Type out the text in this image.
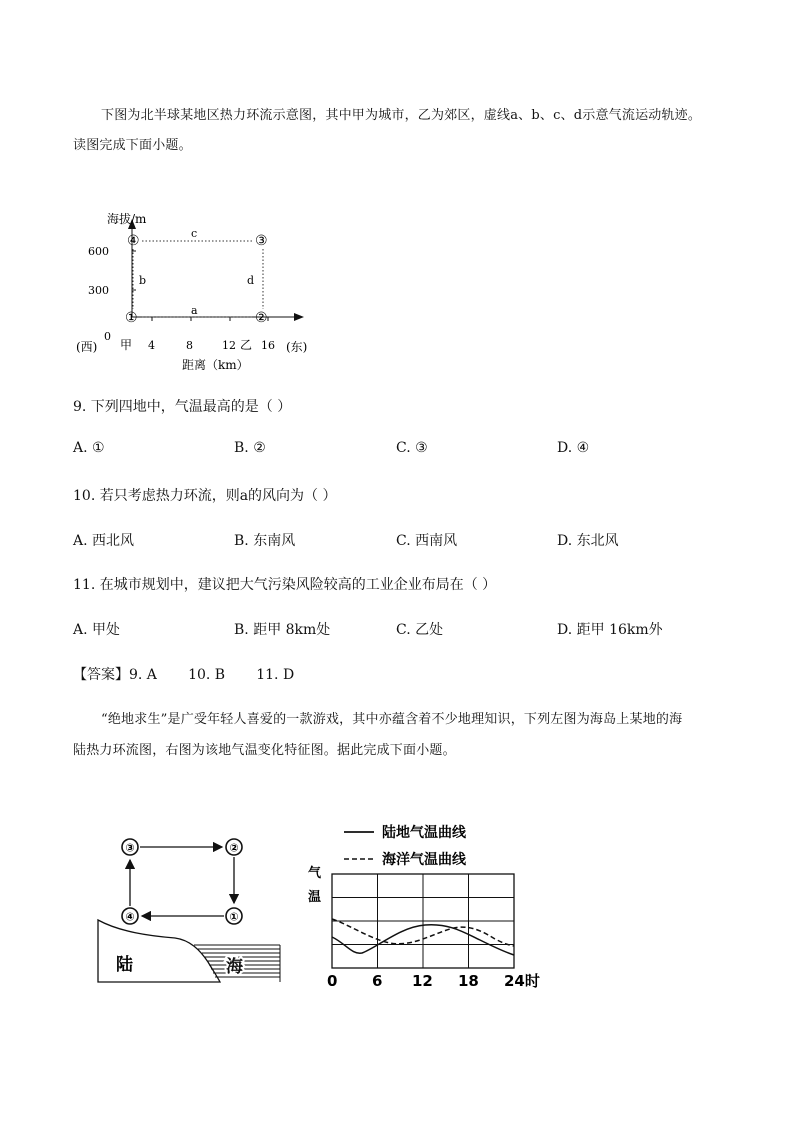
下图为北半球某地区热力环流示意图，其中甲为城市，乙为郊区，虚线a、b、c、d示意气流运动轨迹。
读图完成下面小题。
海拔/m
600
300
0
(西) 甲 4	8	12 乙 16 (东)
距离（km）
④	③
①	②
c
b	d
a
9. 下列四地中，气温最高的是（ ）
A. ①	B. ②	C. ③	D. ④
10. 若只考虑热力环流，则a的风向为（ ）
A. 西北风	B. 东南风	C. 西南风	D. 东北风
11. 在城市规划中，建议把大气污染风险较高的工业企业布局在（ ）
A. 甲处	B. 距甲 8km处	C. 乙处	D. 距甲 16km外
【答案】9. A       10. B       11. D
“绝地求生”是广受年轻人喜爱的一款游戏，其中亦蕴含着不少地理知识，下列左图为海岛上某地的海
陆热力环流图，右图为该地气温变化特征图。据此完成下面小题。
③	②
④	①
陆	海
陆地气温曲线
海洋气温曲线
气
温
0 6 12 18 24时
